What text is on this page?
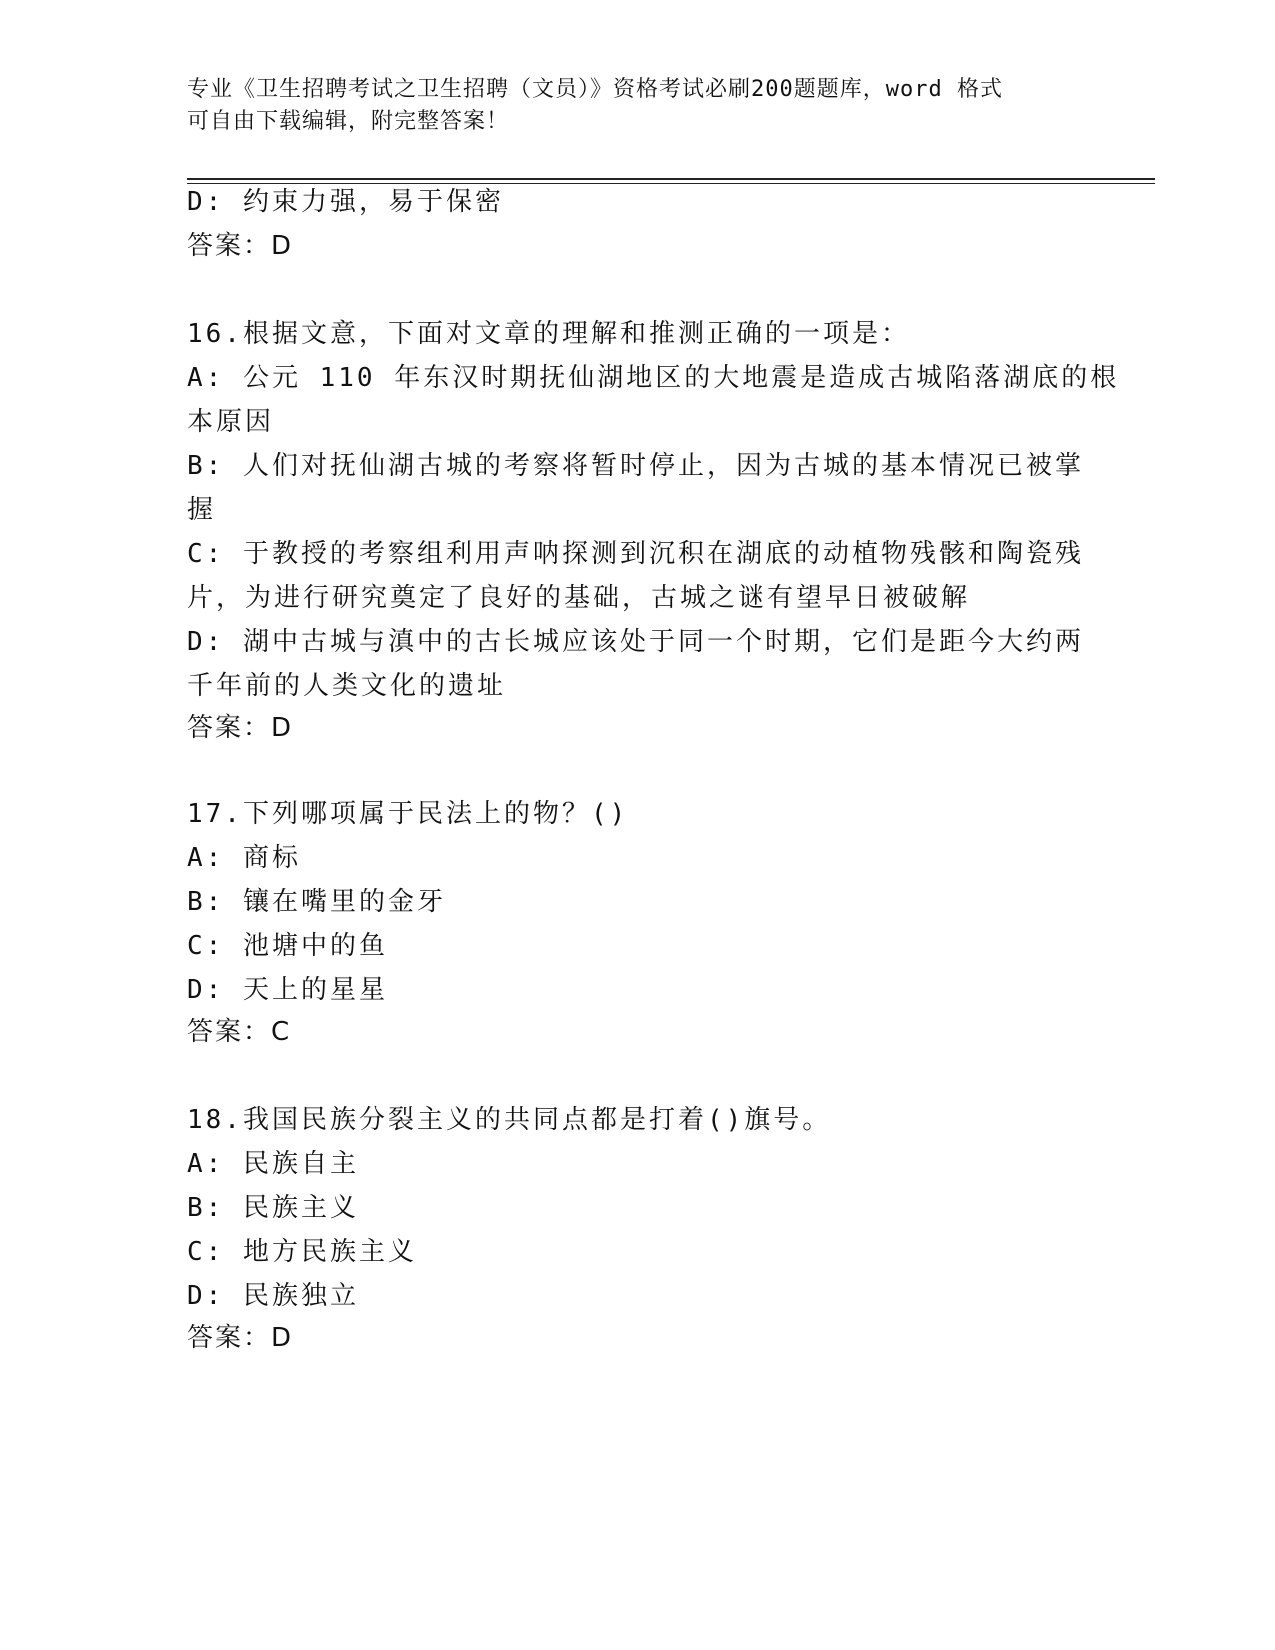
专业《卫生招聘考试之卫生招聘（文员）》资格考试必刷200题题库，word 格式
可自由下载编辑，附完整答案！
D: 约束力强，易于保密
答案：D
16.根据文意，下面对文章的理解和推测正确的一项是：
A: 公元 110 年东汉时期抚仙湖地区的大地震是造成古城陷落湖底的根
本原因
B: 人们对抚仙湖古城的考察将暂时停止，因为古城的基本情况已被掌
握
C: 于教授的考察组利用声呐探测到沉积在湖底的动植物残骸和陶瓷残
片，为进行研究奠定了良好的基础，古城之谜有望早日被破解
D: 湖中古城与滇中的古长城应该处于同一个时期，它们是距今大约两
千年前的人类文化的遗址
答案：D
17.下列哪项属于民法上的物？()
A: 商标
B: 镶在嘴里的金牙
C: 池塘中的鱼
D: 天上的星星
答案：C
18.我国民族分裂主义的共同点都是打着()旗号。
A: 民族自主
B: 民族主义
C: 地方民族主义
D: 民族独立
答案：D
